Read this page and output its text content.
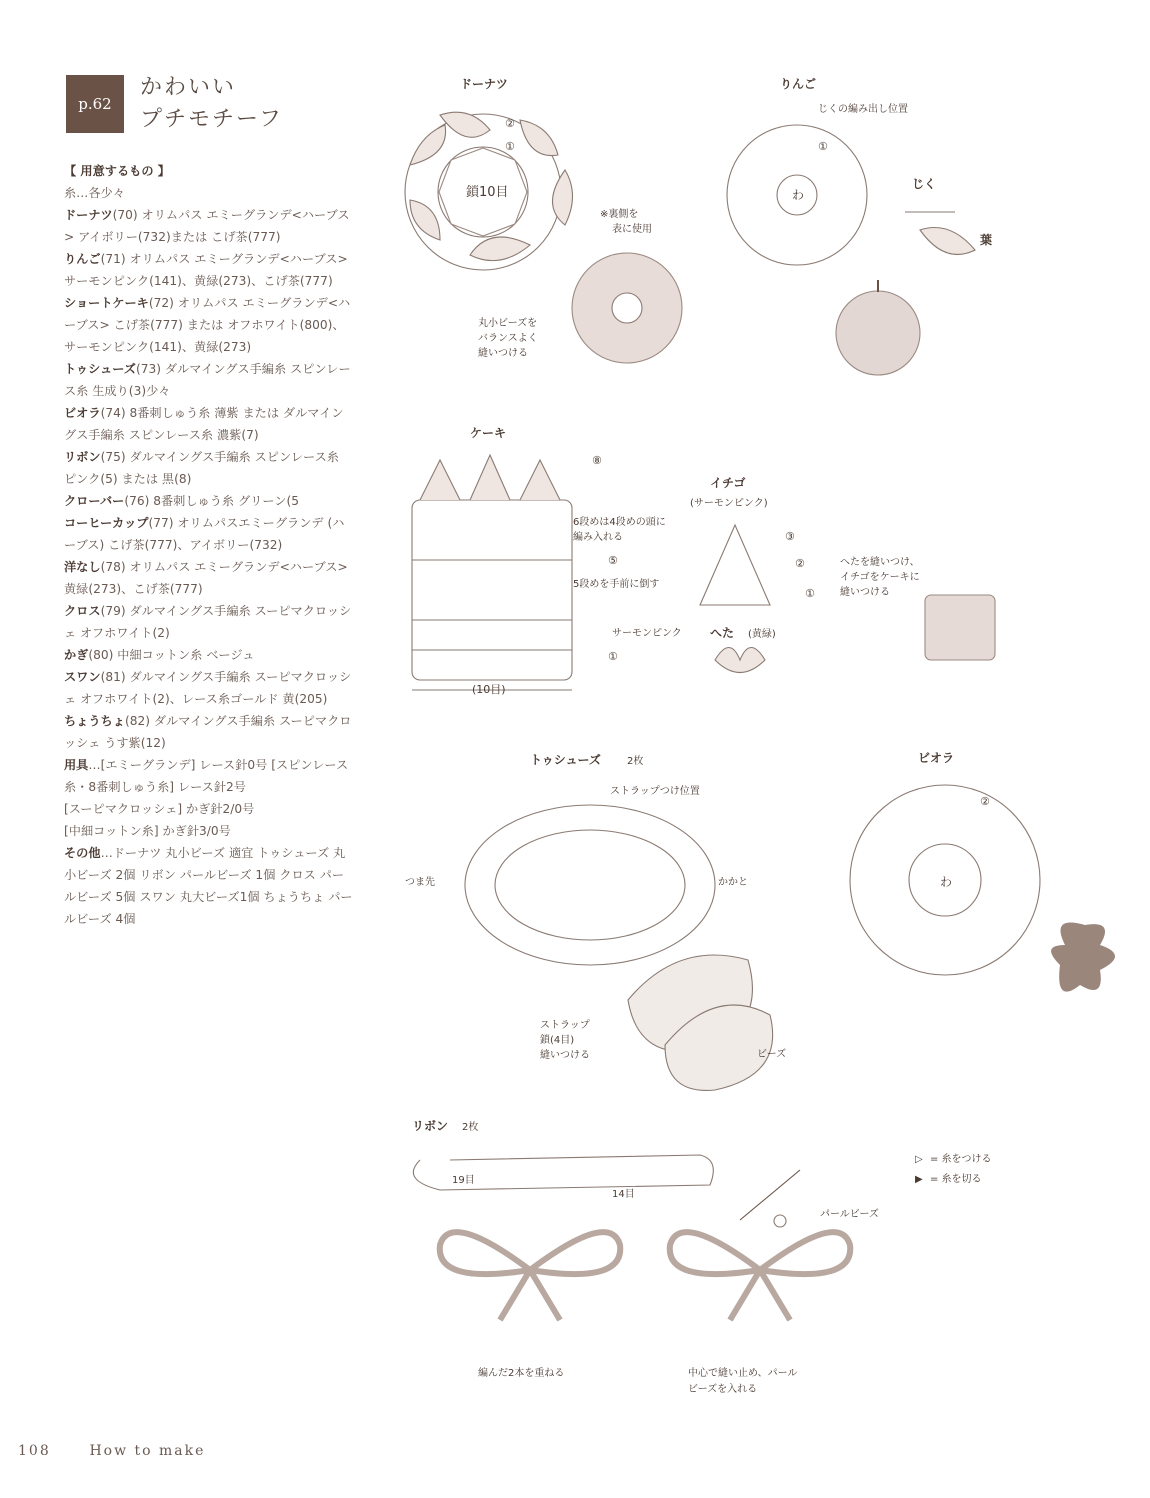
p.62
かわいい
プチモチーフ

【 用意するもの 】

糸…各少々

ドーナツ(70) オリムパス エミーグランデ<ハーブス> アイボリー(732)または こげ茶(777)

りんご(71) オリムパス エミーグランデ<ハーブス> サーモンピンク(141)、黄緑(273)、こげ茶(777)

ショートケーキ(72) オリムパス エミーグランデ<ハーブス> こげ茶(777) または オフホワイト(800)、サーモンピンク(141)、黄緑(273)

トゥシューズ(73) ダルマイングス手編糸 スピンレース糸 生成り(3)少々

ビオラ(74) 8番刺しゅう糸 薄紫 または ダルマイングス手編糸 スピンレース糸 濃紫(7)

リボン(75) ダルマイングス手編糸 スピンレース糸 ピンク(5) または 黒(8)

クローバー(76) 8番刺しゅう糸 グリーン(5

コーヒーカップ(77) オリムパスエミーグランデ (ハーブス) こげ茶(777)、アイボリー(732)

洋なし(78) オリムパス エミーグランデ<ハーブス> 黄緑(273)、こげ茶(777)

クロス(79) ダルマイングス手編糸 スーピマクロッシェ オフホワイト(2)

かぎ(80) 中細コットン糸 ベージュ

スワン(81) ダルマイングス手編糸 スーピマクロッシェ オフホワイト(2)、レース糸ゴールド 黄(205)

ちょうちょ(82) ダルマイングス手編糸 スーピマクロッシェ うす紫(12)

用具…[エミーグランデ] レース針0号 [スピンレース糸・8番刺しゅう糸] レース針2号

[スーピマクロッシェ] かぎ針2/0号

[中細コットン糸] かぎ針3/0号

その他…ドーナツ 丸小ビーズ 適宜 トゥシューズ 丸小ビーズ 2個 リボン パールビーズ 1個 クロス パールビーズ 5個 スワン 丸大ビーズ1個 ちょうちょ パールビーズ 4個

ドーナツ
②
①
鎖10目
※裏側を
表に使用
丸小ビーズを
バランスよく
縫いつける
りんご
じくの編み出し位置
①
わ
じく
葉
ケーキ
⑧
6段めは4段めの頭に
編み入れる
⑤
5段めを手前に倒す
サーモンピンク
①
(10目)
イチゴ
(サーモンピンク)
③
②
①
へた (黄緑)
へたを縫いつけ、
イチゴをケーキに
縫いつける
トゥシューズ	2枚
ストラップつけ位置
つま先	かかと
ストラップ
鎖(4目)
縫いつける	ビーズ
ビオラ
②
わ
リボン 2枚
19目
14目
▷ = 糸をつける
▶ = 糸を切る
パールビーズ
編んだ2本を重ねる	中心で縫い止め、パール
ビーズを入れる
108	How to make
